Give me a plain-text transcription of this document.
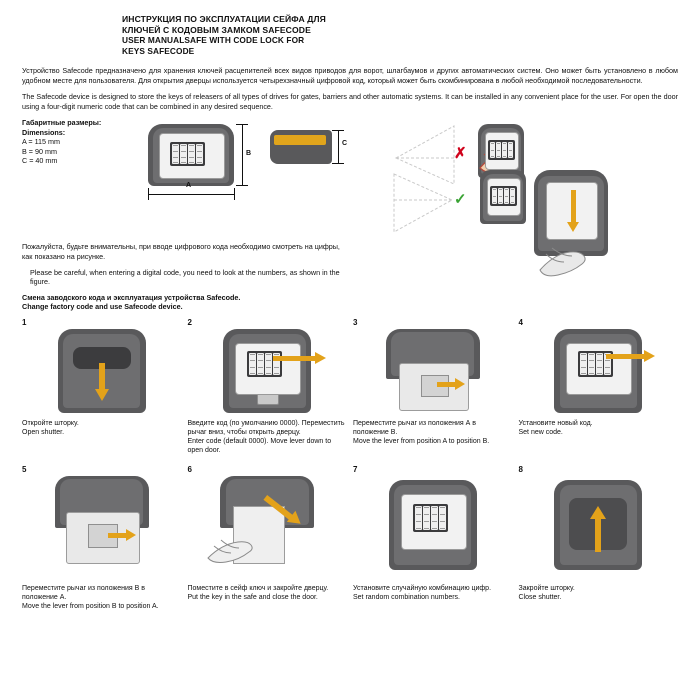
ИНСТРУКЦИЯ ПО ЭКСПЛУАТАЦИИ СЕЙФА ДЛЯ
КЛЮЧЕЙ С КОДОВЫМ ЗАМКОМ SAFECODE
USER MANUALSAFE WITH CODE LOCK FOR
KEYS SAFECODE

Устройство Safecode предназначено для хранения ключей расцепителей всех видов приводов для ворот, шлагбаумов и других автоматических систем. Оно может быть установлено в любом удобном месте для пользователя. Для открытия дверцы используется четырехзначный цифровой код, который может быть скомбинирована в любой необходимой последовательности.

The Safecode device is designed to store the keys of releasers of all types of drives for gates, barriers and other automatic systems. It can be installed in any convenient place for the user. For open the door using a four-digit numeric code that can be combined in any desired sequence.

Габаритные размеры:
Dimensions:
A = 115 mm
B = 90 mm
C = 40 mm
A
B
C
✗
✓

Пожалуйста, будьте внимательны, при вводе цифрового кода необходимо смотреть на цифры, как показано на рисунке.

Please be careful, when entering a digital code, you need to look at the numbers, as shown in the figure.

Смена заводского кода и эксплуатация устройства Safecode.
Change factory code and use Safecode device.
1
Откройте шторку.
Open shutter.
2
Введите код (по умолчанию 0000). Переместить рычаг вниз, чтобы открыть дверцу.
Enter code (default 0000). Move lever down to open door.
3
Переместите рычаг из положения А в положение В.
Move the lever from position A to position B.
4
Установите новый код.
Set new code.
5
Переместите рычаг из положения В в положение А.
Move the lever from position B to position A.
6
Поместите в сейф ключ и закройте дверцу.
Put the key in the safe and close the door.
7
Установите случайную комбинацию цифр.
Set random combination numbers.
8
Закройте шторку.
Close shutter.
